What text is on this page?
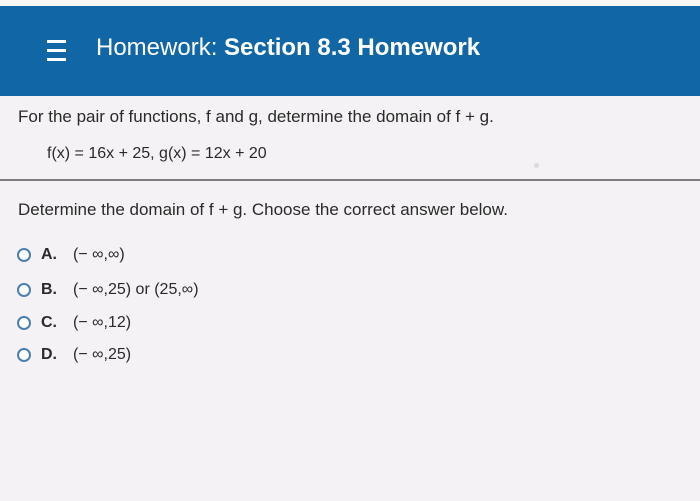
Homework: Section 8.3 Homework
For the pair of functions, f and g, determine the domain of f + g.
f(x) = 16x + 25, g(x) = 12x + 20
Determine the domain of f + g. Choose the correct answer below.
A.	(− ∞,∞)
B.	(− ∞,25) or (25,∞)
C.	(− ∞,12)
D.	(− ∞,25)
